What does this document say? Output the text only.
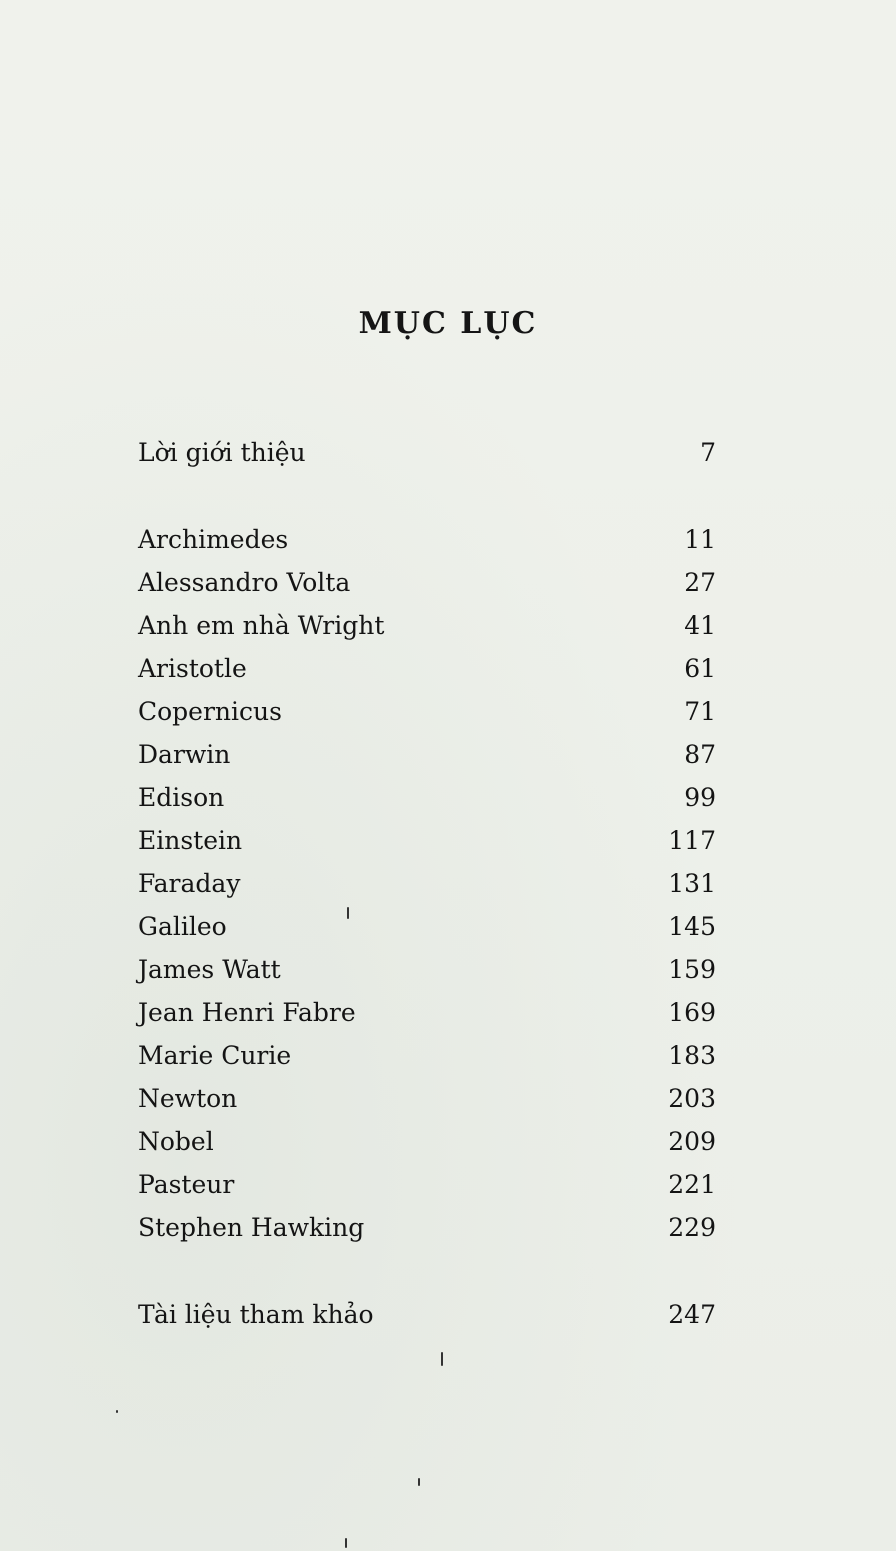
MỤC LỤC
Lời giới thiệu	7
Archimedes	11
Alessandro Volta	27
Anh em nhà Wright	41
Aristotle	61
Copernicus	71
Darwin	87
Edison	99
Einstein	117
Faraday	131
Galileo	145
James Watt	159
Jean Henri Fabre	169
Marie Curie	183
Newton	203
Nobel	209
Pasteur	221
Stephen Hawking	229
Tài liệu tham khảo	247
